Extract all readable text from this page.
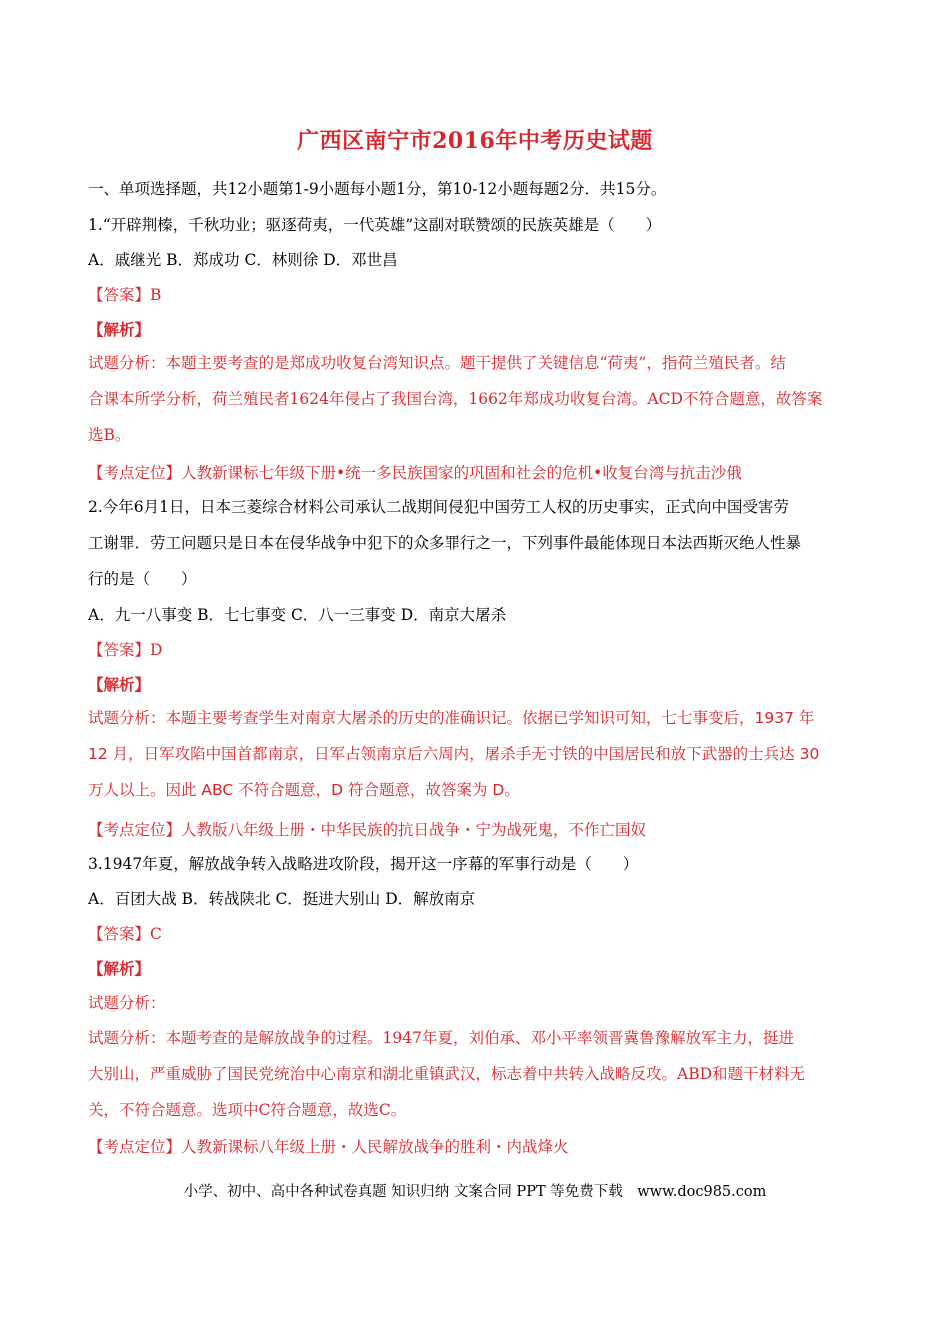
广西区南宁市2016年中考历史试题
一、单项选择题，共12小题第1-9小题每小题1分，第10-12小题每题2分．共15分。
1.“开辟荆榛，千秋功业；驱逐荷夷，一代英雄”这副对联赞颂的民族英雄是（　　）
A．戚继光 B．郑成功 C．林则徐 D．邓世昌
【答案】B
【解析】
试题分析：本题主要考查的是郑成功收复台湾知识点。题干提供了关键信息“荷夷”，指荷兰殖民者。结
合课本所学分析，荷兰殖民者1624年侵占了我国台湾，1662年郑成功收复台湾。ACD不符合题意，故答案
选B。
【考点定位】人教新课标七年级下册•统一多民族国家的巩固和社会的危机•收复台湾与抗击沙俄
2.今年6月1日，日本三菱综合材料公司承认二战期间侵犯中国劳工人权的历史事实，正式向中国受害劳
工谢罪．劳工问题只是日本在侵华战争中犯下的众多罪行之一，下列事件最能体现日本法西斯灭绝人性暴
行的是（　　）
A．九一八事变 B．七七事变 C．八一三事变 D．南京大屠杀
【答案】D
【解析】
试题分析：本题主要考查学生对南京大屠杀的历史的准确识记。依据已学知识可知，七七事变后，1937 年
12 月，日军攻陷中国首都南京，日军占领南京后六周内，屠杀手无寸铁的中国居民和放下武器的士兵达 30
万人以上。因此 ABC 不符合题意，D 符合题意，故答案为 D。
【考点定位】人教版八年级上册・中华民族的抗日战争・宁为战死鬼，不作亡国奴
3.1947年夏，解放战争转入战略进攻阶段，揭开这一序幕的军事行动是（　　）
A．百团大战 B．转战陕北 C．挺进大别山 D．解放南京
【答案】C
【解析】
试题分析：
试题分析：本题考查的是解放战争的过程。1947年夏，刘伯承、邓小平率领晋冀鲁豫解放军主力，挺进
大别山，严重威胁了国民党统治中心南京和湖北重镇武汉，标志着中共转入战略反攻。ABD和题干材料无
关，不符合题意。选项中C符合题意，故选C。
【考点定位】人教新课标八年级上册・人民解放战争的胜利・内战烽火
小学、初中、高中各种试卷真题 知识归纳 文案合同 PPT 等免费下载　www.doc985.com
